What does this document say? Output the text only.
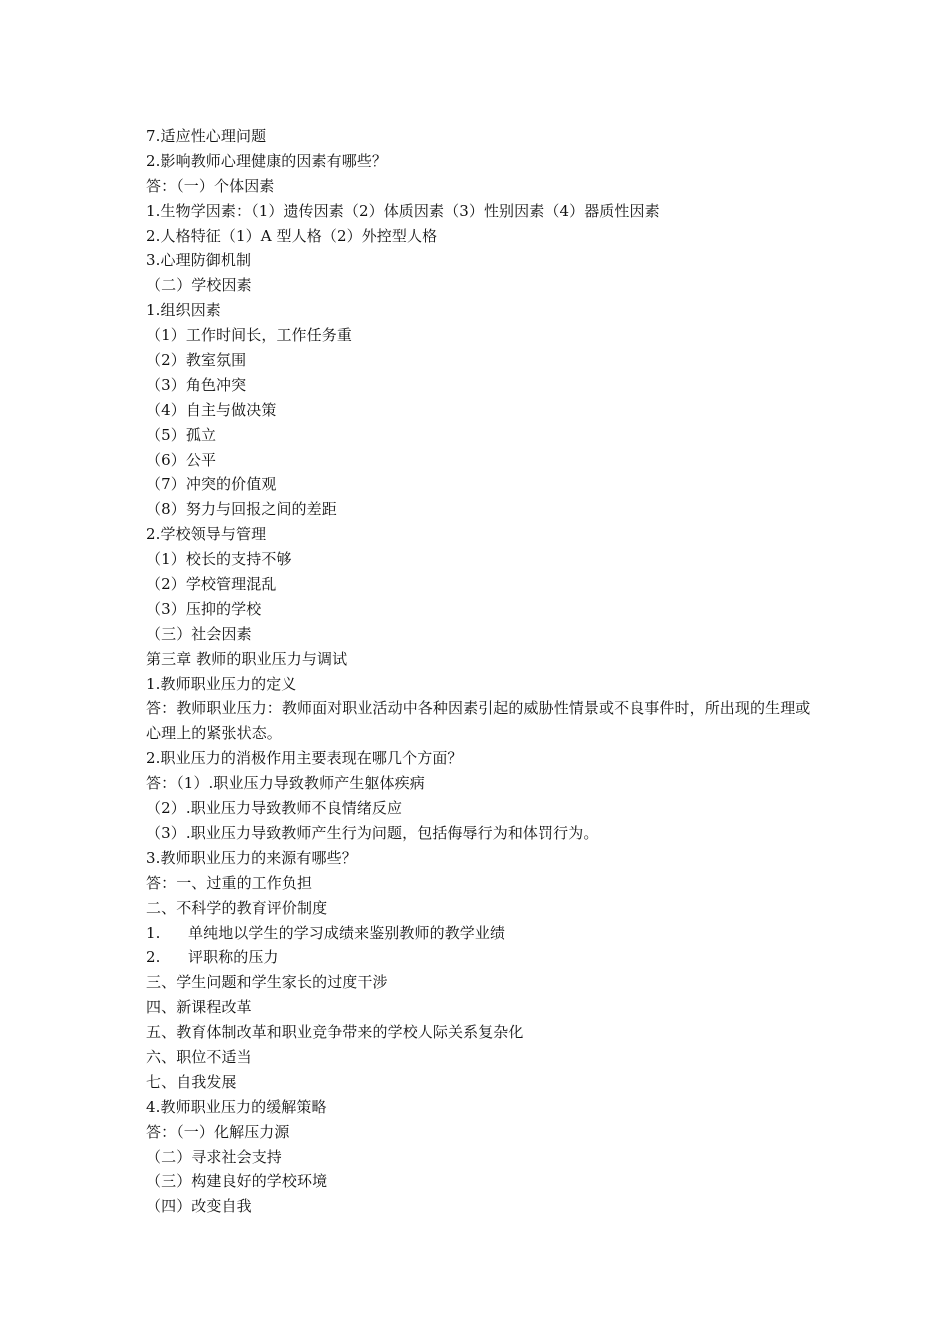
7.适应性心理问题
2.影响教师心理健康的因素有哪些？
答：（一）个体因素
1.生物学因素：（1）遗传因素（2）体质因素（3）性别因素（4）器质性因素
2.人格特征（1）A 型人格（2）外控型人格
3.心理防御机制
（二）学校因素
1.组织因素
（1）工作时间长，工作任务重
（2）教室氛围
（3）角色冲突
（4）自主与做决策
（5）孤立
（6）公平
（7）冲突的价值观
（8）努力与回报之间的差距
2.学校领导与管理
（1）校长的支持不够
（2）学校管理混乱
（3）压抑的学校
（三）社会因素
第三章 教师的职业压力与调试
1.教师职业压力的定义
答：教师职业压力：教师面对职业活动中各种因素引起的威胁性情景或不良事件时，所出现的生理或心理上的紧张状态。
2.职业压力的消极作用主要表现在哪几个方面？
答：（1）.职业压力导致教师产生躯体疾病
（2）.职业压力导致教师不良情绪反应
（3）.职业压力导致教师产生行为问题，包括侮辱行为和体罚行为。
3.教师职业压力的来源有哪些？
答：一、过重的工作负担
二、不科学的教育评价制度
1.	单纯地以学生的学习成绩来鉴别教师的教学业绩
2.	评职称的压力
三、学生问题和学生家长的过度干涉
四、新课程改革
五、教育体制改革和职业竞争带来的学校人际关系复杂化
六、职位不适当
七、自我发展
4.教师职业压力的缓解策略
答：（一）化解压力源
（二）寻求社会支持
（三）构建良好的学校环境
（四）改变自我
